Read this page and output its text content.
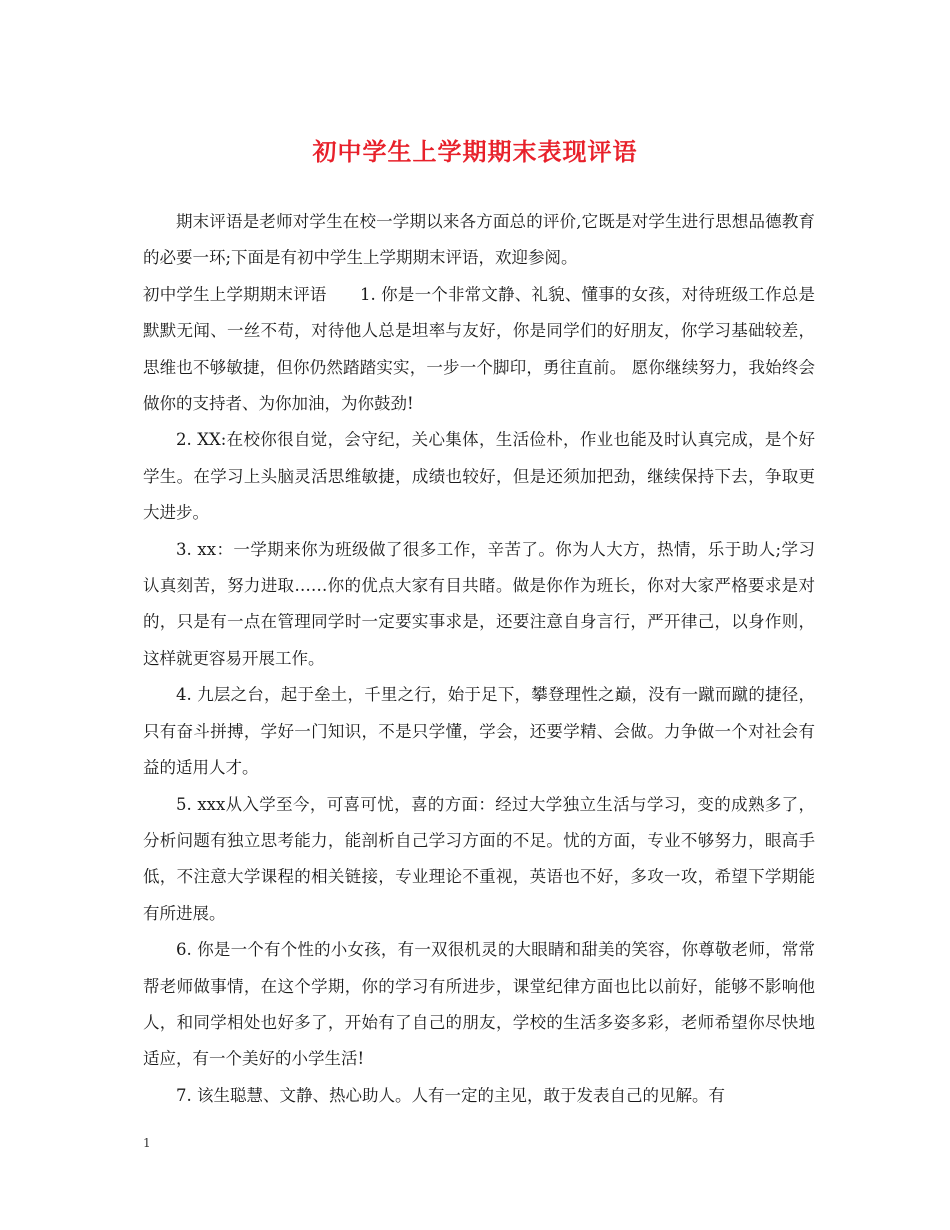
初中学生上学期期末表现评语

期末评语是老师对学生在校一学期以来各方面总的评价,它既是对学生进行思想品德教育的必要一环;下面是有初中学生上学期期末评语，欢迎参阅。

初中学生上学期期末评语　　1. 你是一个非常文静、礼貌、懂事的女孩，对待班级工作总是默默无闻、一丝不苟，对待他人总是坦率与友好，你是同学们的好朋友，你学习基础较差，思维也不够敏捷，但你仍然踏踏实实，一步一个脚印，勇往直前。 愿你继续努力，我始终会做你的支持者、为你加油，为你鼓劲!

2. XX:在校你很自觉，会守纪，关心集体，生活俭朴，作业也能及时认真完成，是个好学生。在学习上头脑灵活思维敏捷，成绩也较好，但是还须加把劲，继续保持下去，争取更大进步。

3. xx：一学期来你为班级做了很多工作，辛苦了。你为人大方，热情，乐于助人;学习认真刻苦，努力进取……你的优点大家有目共睹。做是你作为班长，你对大家严格要求是对的，只是有一点在管理同学时一定要实事求是，还要注意自身言行，严开律己，以身作则，这样就更容易开展工作。

4. 九层之台，起于垒土，千里之行，始于足下，攀登理性之巅，没有一蹴而蹴的捷径，只有奋斗拼搏，学好一门知识，不是只学懂，学会，还要学精、会做。力争做一个对社会有益的适用人才。

5. xxx从入学至今，可喜可忧，喜的方面：经过大学独立生活与学习，变的成熟多了，分析问题有独立思考能力，能剖析自己学习方面的不足。忧的方面，专业不够努力，眼高手低，不注意大学课程的相关链接，专业理论不重视，英语也不好，多攻一攻，希望下学期能有所进展。

6. 你是一个有个性的小女孩，有一双很机灵的大眼睛和甜美的笑容，你尊敬老师，常常帮老师做事情，在这个学期，你的学习有所进步，课堂纪律方面也比以前好，能够不影响他人，和同学相处也好多了，开始有了自己的朋友，学校的生活多姿多彩，老师希望你尽快地适应，有一个美好的小学生活!

7. 该生聪慧、文静、热心助人。人有一定的主见，敢于发表自己的见解。有

1
